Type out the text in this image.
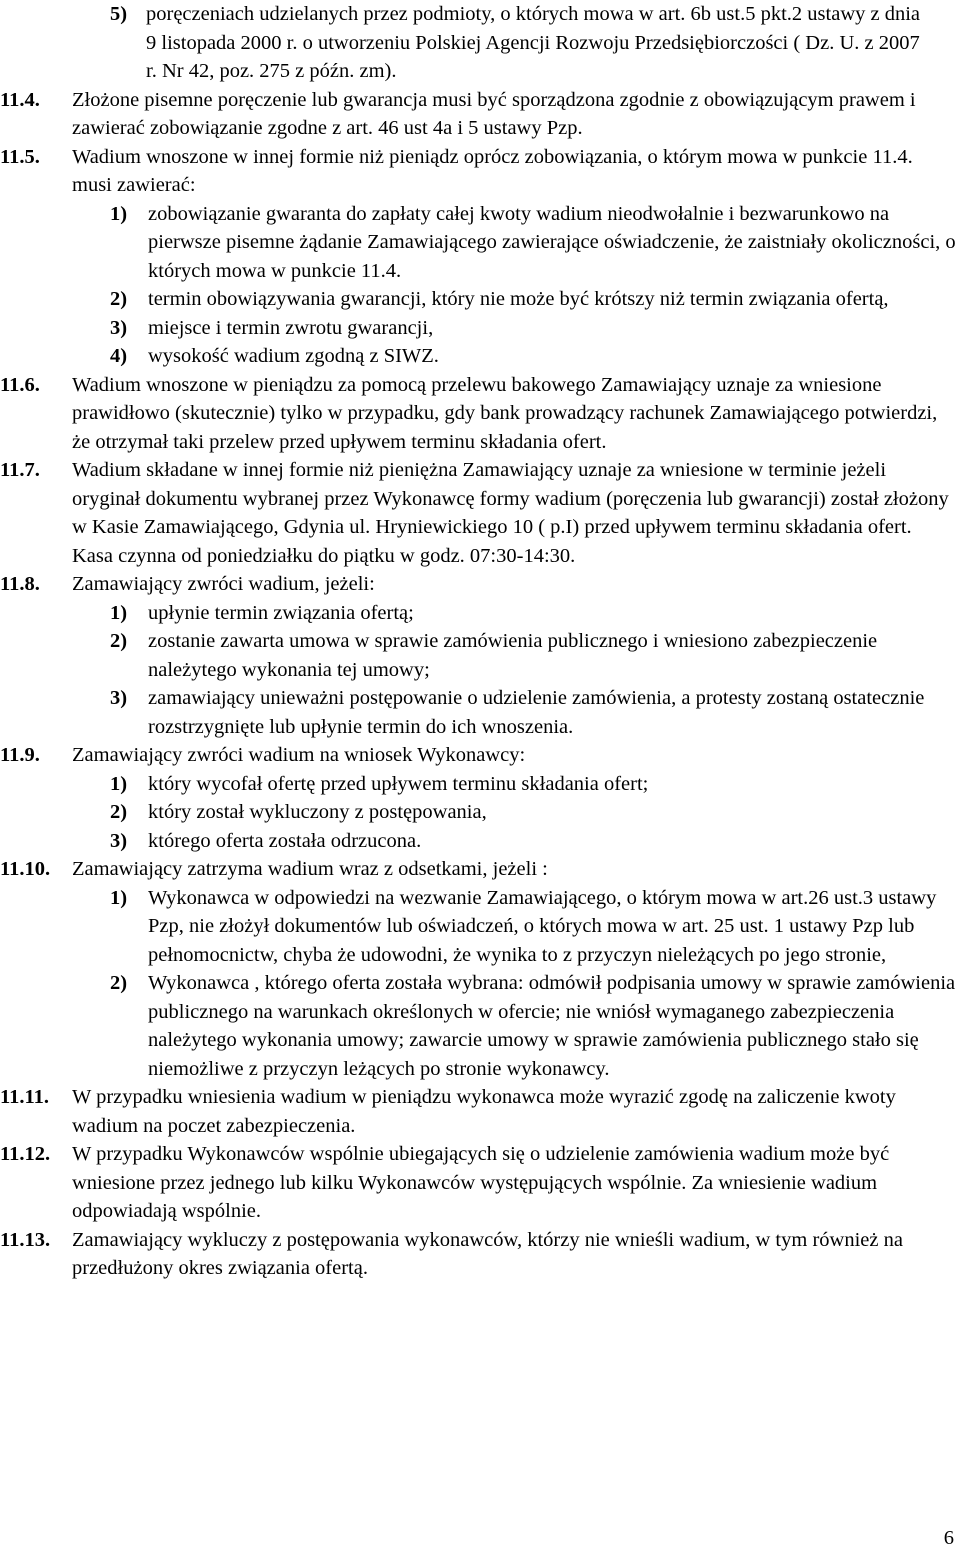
5) poręczeniach udzielanych przez podmioty, o których mowa w art. 6b ust.5 pkt.2 ustawy z dnia 9 listopada 2000 r. o utworzeniu Polskiej Agencji Rozwoju Przedsiębiorczości ( Dz. U. z 2007 r. Nr 42, poz. 275 z późn. zm).
11.4. Złożone pisemne poręczenie lub gwarancja musi być sporządzona zgodnie z obowiązującym prawem i zawierać zobowiązanie zgodne z art. 46 ust 4a i 5 ustawy Pzp.
11.5. Wadium wnoszone w innej formie niż pieniądz oprócz zobowiązania, o którym mowa w punkcie 11.4. musi zawierać:
1) zobowiązanie gwaranta do zapłaty całej kwoty wadium nieodwołalnie i bezwarunkowo na pierwsze pisemne żądanie Zamawiającego zawierające oświadczenie, że zaistniały okoliczności, o których mowa w punkcie 11.4.
2) termin obowiązywania gwarancji, który nie może być krótszy niż termin związania ofertą,
3) miejsce i termin zwrotu gwarancji,
4) wysokość wadium zgodną z SIWZ.
11.6. Wadium wnoszone w pieniądzu za pomocą przelewu bakowego Zamawiający uznaje za wniesione prawidłowo (skutecznie) tylko w przypadku, gdy bank prowadzący rachunek Zamawiającego potwierdzi, że otrzymał taki przelew przed upływem terminu składania ofert.
11.7. Wadium składane w innej formie niż pieniężna Zamawiający uznaje za wniesione w terminie jeżeli oryginał dokumentu wybranej przez Wykonawcę formy wadium (poręczenia lub gwarancji) został złożony w Kasie Zamawiającego, Gdynia ul. Hryniewickiego 10 ( p.I) przed upływem terminu składania ofert. Kasa czynna od poniedziałku do piątku w godz. 07:30-14:30.
11.8. Zamawiający zwróci wadium, jeżeli:
1) upłynie termin związania ofertą;
2) zostanie zawarta umowa w sprawie zamówienia publicznego i wniesiono zabezpieczenie należytego wykonania tej umowy;
3) zamawiający unieważni postępowanie o udzielenie zamówienia, a protesty zostaną ostatecznie rozstrzygnięte lub upłynie termin do ich wnoszenia.
11.9. Zamawiający zwróci wadium na wniosek Wykonawcy:
1) który wycofał ofertę przed upływem terminu składania ofert;
2) który został wykluczony z postępowania,
3) którego oferta została odrzucona.
11.10. Zamawiający zatrzyma wadium wraz z odsetkami, jeżeli :
1) Wykonawca w odpowiedzi na wezwanie Zamawiającego, o którym mowa w art.26 ust.3 ustawy Pzp, nie złożył dokumentów lub oświadczeń, o których mowa w art. 25 ust. 1 ustawy Pzp lub pełnomocnictw, chyba że udowodni, że wynika to z przyczyn nieleżących po jego stronie,
2) Wykonawca , którego oferta została wybrana: odmówił podpisania umowy w sprawie zamówienia publicznego na warunkach określonych w ofercie; nie wniósł wymaganego zabezpieczenia należytego wykonania umowy; zawarcie umowy w sprawie zamówienia publicznego stało się niemożliwe z przyczyn leżących po stronie wykonawcy.
11.11. W przypadku wniesienia wadium w pieniądzu wykonawca może wyrazić zgodę na zaliczenie kwoty wadium na pocz​et zabezpieczenia.
11.12. W przypadku Wykonawców wspólnie ubiegających się o udzielenie zamówienia wadium może być wniesione przez jednego lub kilku Wykonawców występujących wspólnie. Za wniesienie wadium odpowiadają wspólnie.
11.13. Zamawiający wykluczy z postępowania wykonawców, którzy nie wnieśli wadium, w tym również na przedłużony okres związania ofertą.
6
